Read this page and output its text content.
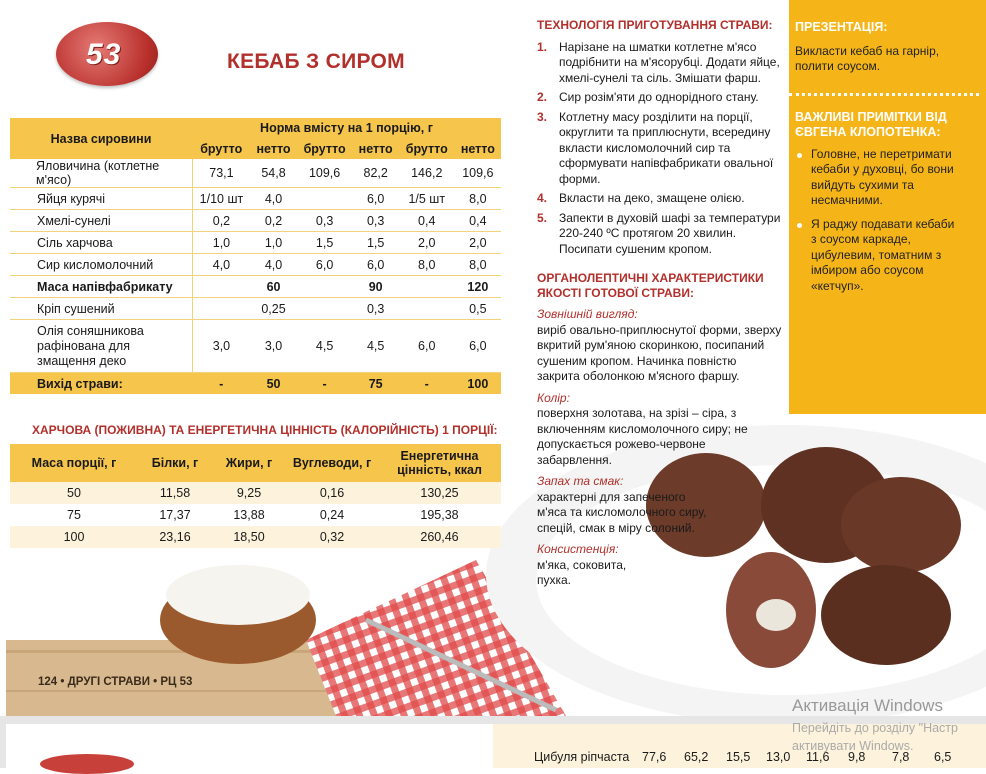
53	КЕБАБ З СИРОМ
Назва сировини	Норма вмісту на 1 порцію, г					
	брутто	нетто	брутто	нетто	брутто	нетто
Яловичина (котлетне м'ясо)	73,1	54,8	109,6	82,2	146,2	109,6
Яйця курячі	1/10 шт	4,0		6,0	1/5 шт	8,0
Хмелі-сунелі	0,2	0,2	0,3	0,3	0,4	0,4
Сіль харчова	1,0	1,0	1,5	1,5	2,0	2,0
Сир кисломолочний	4,0	4,0	6,0	6,0	8,0	8,0
Маса напівфабрикату		60		90		120
Кріп сушений		0,25		0,3		0,5
Олія соняшникова рафінована для змащення деко	3,0	3,0	4,5	4,5	6,0	6,0
Вихід страви:	-	50	-	75	-	100
ХАРЧОВА (ПОЖИВНА) ТА ЕНЕРГЕТИЧНА ЦІННІСТЬ (КАЛОРІЙНІСТЬ) 1 ПОРЦІЇ:
Маса порції, г	Білки, г	Жири, г	Вуглеводи, г	Енергетична цінність, ккал
50	11,58	9,25	0,16	130,25
75	17,37	13,88	0,24	195,38
100	23,16	18,50	0,32	260,46
ТЕХНОЛОГІЯ ПРИГОТУВАННЯ СТРАВИ:
1. Нарізане на шматки котлетне м'ясо подрібнити на м'ясорубці. Додати яйце, хмелі-сунелі та сіль. Змішати фарш.
2. Сир розім'яти до однорідного стану.
3. Котлетну масу розділити на порції, округлити та приплюснути, всередину вкласти кисломолочний сир та сформувати напівфабрикати овальної форми.
4. Вкласти на деко, змащене олією.
5. Запекти в духовій шафі за температури 220-240 ºС протягом 20 хвилин. Посипати сушеним кропом.
ОРГАНОЛЕПТИЧНІ ХАРАКТЕРИСТИКИ ЯКОСТІ ГОТОВОЇ СТРАВИ:
Зовнішній вигляд:
виріб овально-приплюснутої форми, зверху вкритий рум'яною скоринкою, посипаний сушеним кропом. Начинка повністю закрита оболонкою м'ясного фаршу.
Колір:
поверхня золотава, на зрізі – сіра, з включенням кисломолочного сиру; не допускається рожево-червоне забарвлення.
Запах та смак:
характерні для запеченого м'яса та кисломолочного сиру, спецій, смак в міру солоний.
Консистенція:
м'яка, соковита, пухка.
ПРЕЗЕНТАЦІЯ:
Викласти кебаб на гарнір, полити соусом.
ВАЖЛИВІ ПРИМІТКИ ВІД ЄВГЕНА КЛОПОТЕНКА:
Головне, не перетримати кебаби у духовці, бо вони вийдуть сухими та несмачними.
Я раджу подавати кебаби з соусом каркаде, цибулевим, томатним з імбиром або соусом «кетчуп».
124 • ДРУГІ СТРАВИ • РЦ 53
Цибуля ріпчаста 77,6 65,2 15,5 13,0 11,6 9,8 7,8 6,5
Активація Windows
Перейдіть до розділу "Настр
активувати Windows.
